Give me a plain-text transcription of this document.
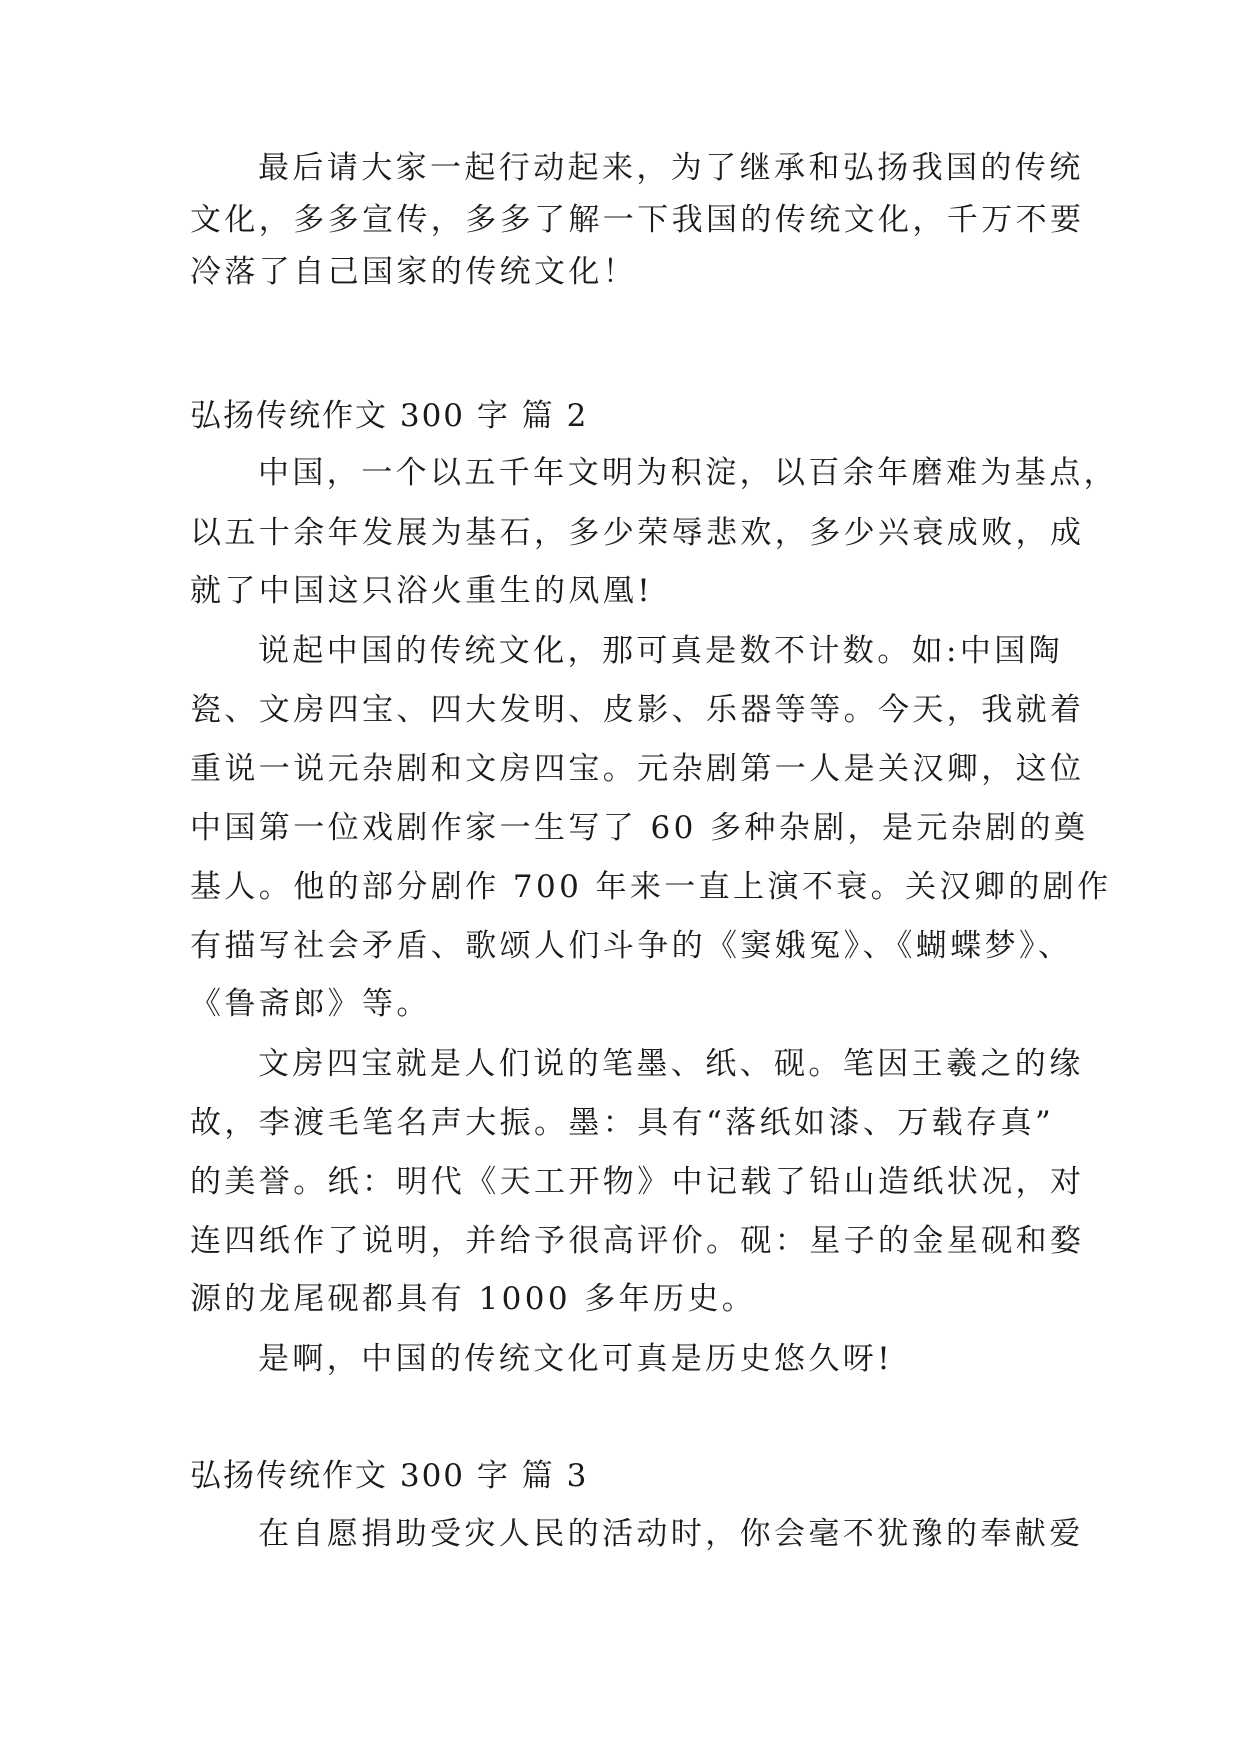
最后请大家一起行动起来，为了继承和弘扬我国的传统
文化，多多宣传，多多了解一下我国的传统文化，千万不要
冷落了自己国家的传统文化！
弘扬传统作文 300 字 篇 2
中国，一个以五千年文明为积淀，以百余年磨难为基点，
以五十余年发展为基石，多少荣辱悲欢，多少兴衰成败，成
就了中国这只浴火重生的凤凰!
说起中国的传统文化，那可真是数不计数。如:中国陶
瓷、文房四宝、四大发明、皮影、乐器等等。今天，我就着
重说一说元杂剧和文房四宝。元杂剧第一人是关汉卿，这位
中国第一位戏剧作家一生写了 60 多种杂剧，是元杂剧的奠
基人。他的部分剧作 700 年来一直上演不衰。关汉卿的剧作
有描写社会矛盾、歌颂人们斗争的《窦娥冤》、《蝴蝶梦》、
《鲁斋郎》等。
文房四宝就是人们说的笔墨、纸、砚。笔因王羲之的缘
故，李渡毛笔名声大振。墨：具有“落纸如漆、万载存真”
的美誉。纸：明代《天工开物》中记载了铅山造纸状况，对
连四纸作了说明，并给予很高评价。砚：星子的金星砚和婺
源的龙尾砚都具有 1000 多年历史。
是啊，中国的传统文化可真是历史悠久呀!
弘扬传统作文 300 字 篇 3
在自愿捐助受灾人民的活动时，你会毫不犹豫的奉献爱
